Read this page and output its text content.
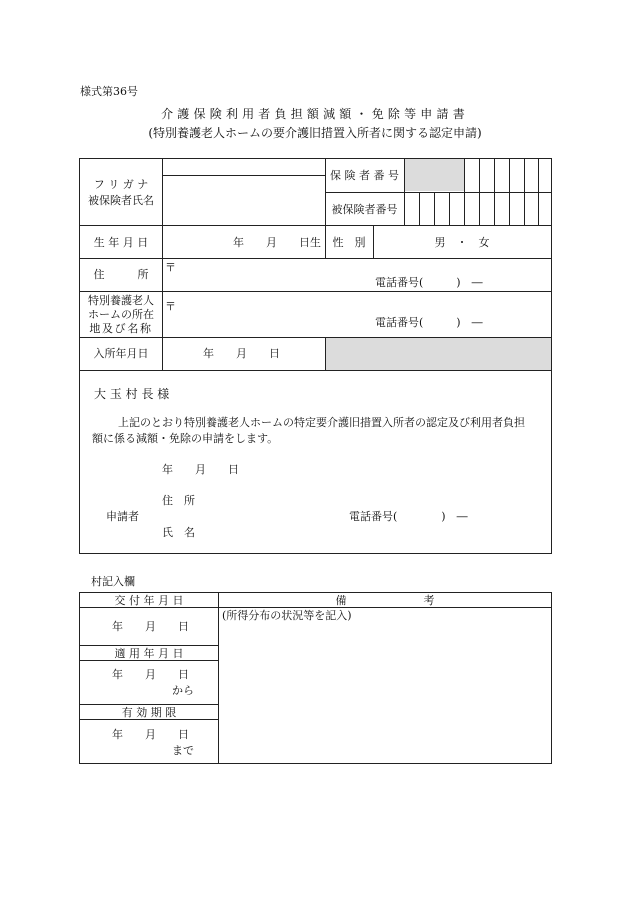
様式第36号
介護保険利用者負担額減額・免除等申請書
(特別養護老人ホームの要介護旧措置入所者に関する認定申請)
フ リ ガ ナ
被保険者氏名
保 険 者 番 号
被保険者番号
生 年 月 日	年　　月　　日生	性　別	男　・　女
住　　　所
〒
電話番号(　　　)　―
特別養護老人
ホームの所在
地及び名称
〒
電話番号(　　　)　―
入所年月日	年　　月　　日
大 玉 村 長 様
上記のとおり特別養護老人ホームの特定要介護旧措置入所者の認定及び利用者負担
額に係る減額・免除の申請をします。
年　　月　　日
住　所
申請者	電話番号(　　　　)　―
氏　名
村記入欄
交 付 年 月 日	備　　　　　　　考
(所得分布の状況等を記入)
年　　月　　日
適 用 年 月 日
年　　月　　日
から
有 効 期 限
年　　月　　日
まで
